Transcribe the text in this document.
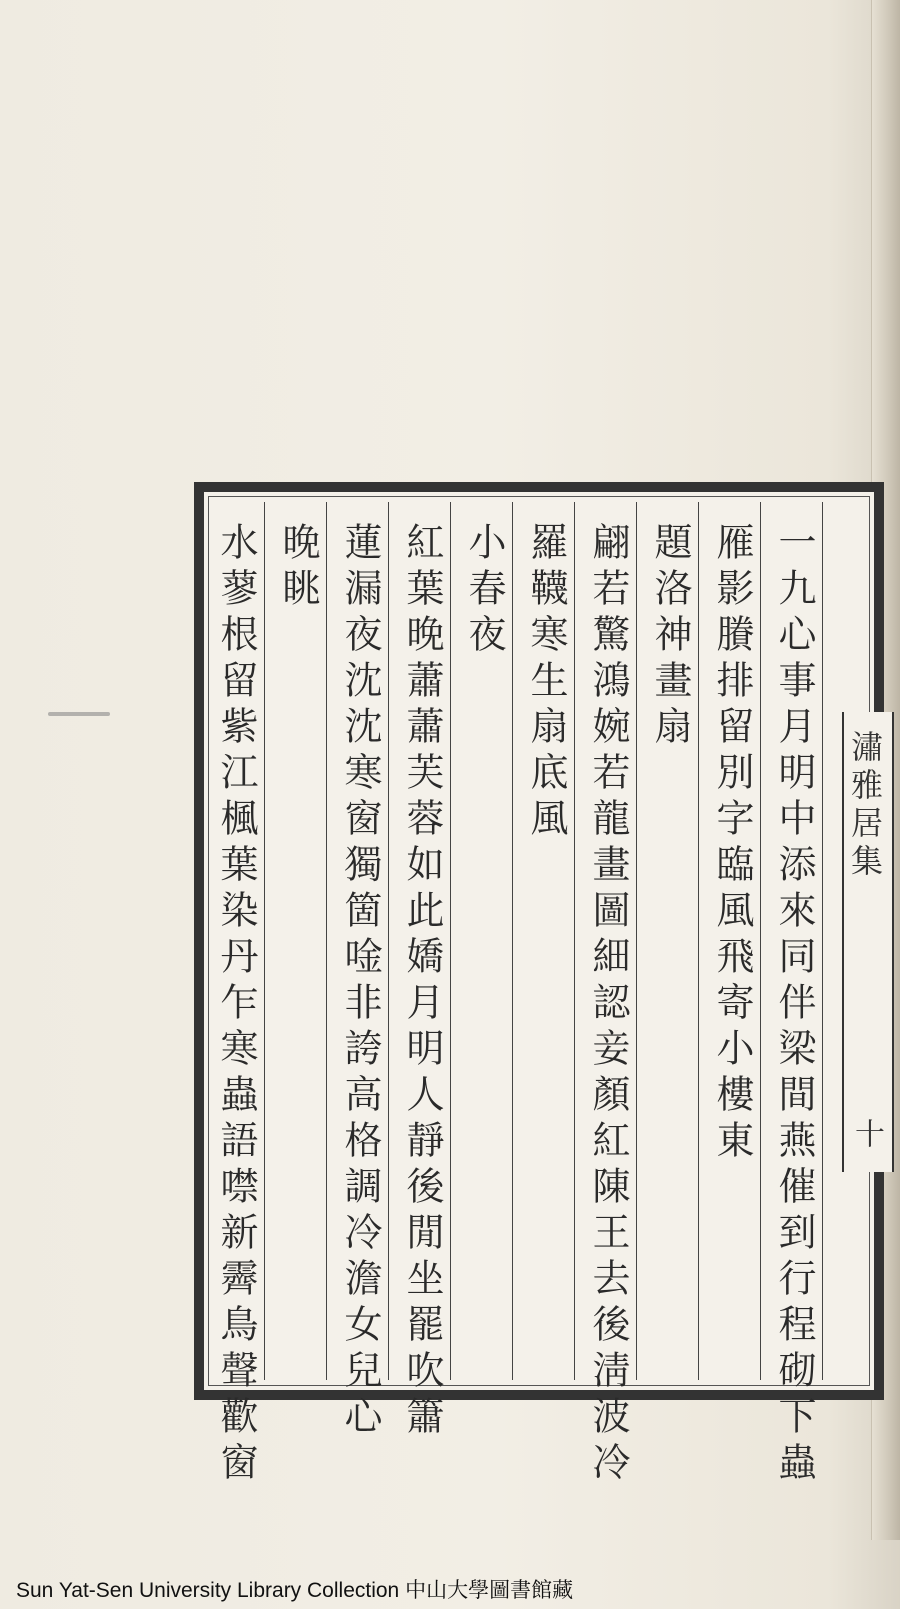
一九心事月明中添來同伴梁間燕催到行程砌下蟲
雁影賸排留別字臨風飛寄小樓東
題洛神畫扇
翩若驚鴻婉若龍畫圖細認妾顏紅陳王去後淸波冷
羅韈寒生扇底風
小春夜
紅葉晚蕭蕭芙蓉如此嬌月明人靜後閒坐罷吹簫
蓮漏夜沈沈寒窗獨箇唫非誇高格調冷澹女兒心
晚眺
水蓼根留紫江楓葉染丹乍寒蟲語噤新霽鳥聲歡窗	潚雅居集
十
Sun Yat-Sen University Library Collection 中山大學圖書館藏
